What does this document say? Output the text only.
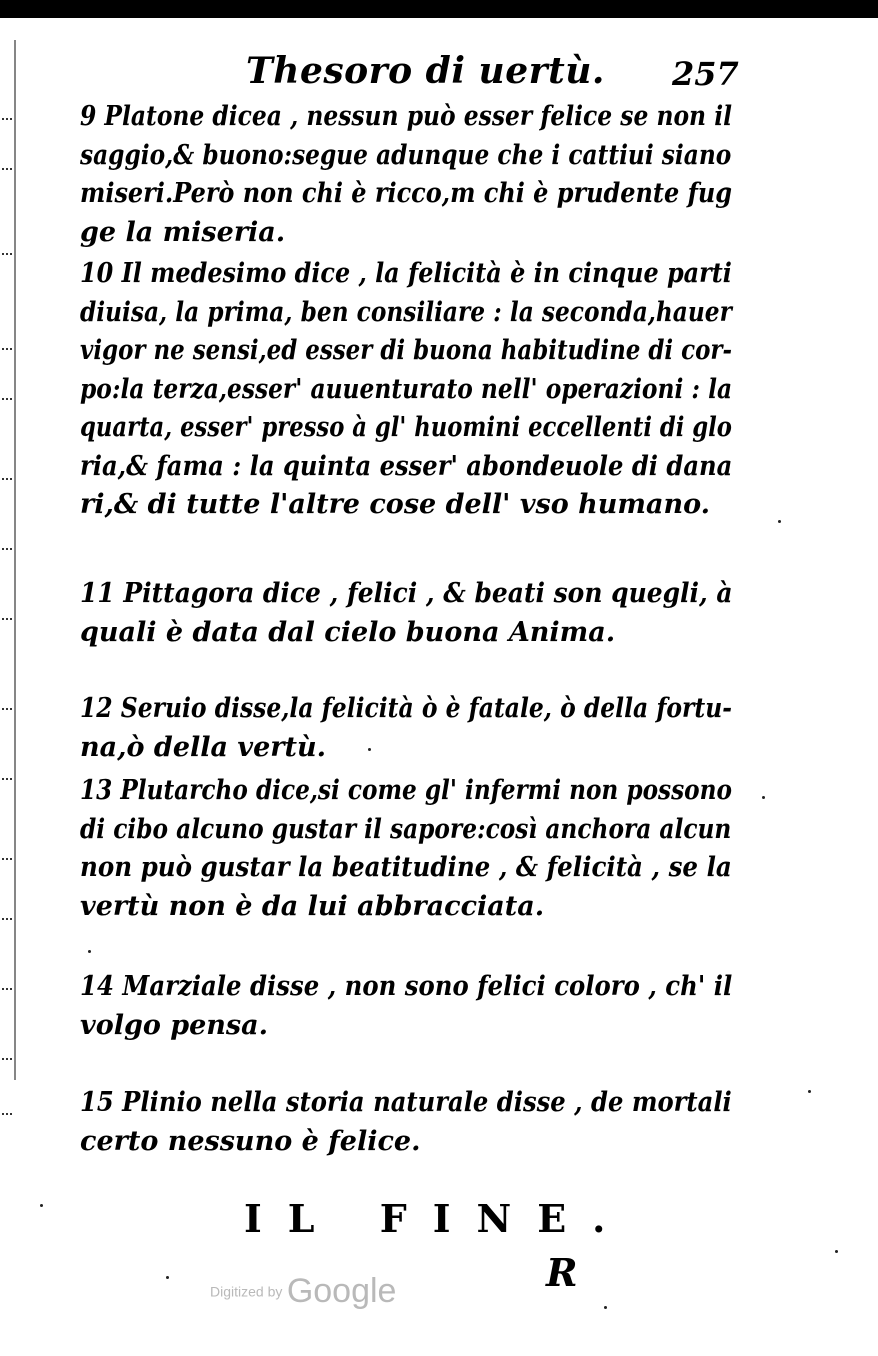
Thesoro di uertù. 257
9 Platone dicea , nessun può esser felice se non il
saggio,& buono:segue adunque che i cattiui siano
miseri.Però non chi è ricco,m chi è prudente fug
ge la miseria.
10 Il medesimo dice , la felicità è in cinque parti
diuisa, la prima, ben consiliare : la seconda,hauer
vigor ne sensi,ed esser di buona habitudine di cor-
po:la terza,esser' auuenturato nell' operazioni : la
quarta, esser' presso à gl' huomini eccellenti di glo
ria,& fama : la quinta esser' abondeuole di dana
ri,& di tutte l'altre cose dell' vso humano.
11 Pittagora dice , felici , & beati son quegli, à
quali è data dal cielo buona Anima.
12 Seruio disse,la felicità ò è fatale, ò della fortu-
na,ò della vertù.
13 Plutarcho dice,si come gl' infermi non possono
di cibo alcuno gustar il sapore:così anchora alcun
non può gustar la beatitudine , & felicità , se la
vertù non è da lui abbracciata.
14 Marziale disse , non sono felici coloro , ch' il
volgo pensa.
15 Plinio nella storia naturale disse , de mortali
certo nessuno è felice.
IL FINE.
R
Digitized by Google
